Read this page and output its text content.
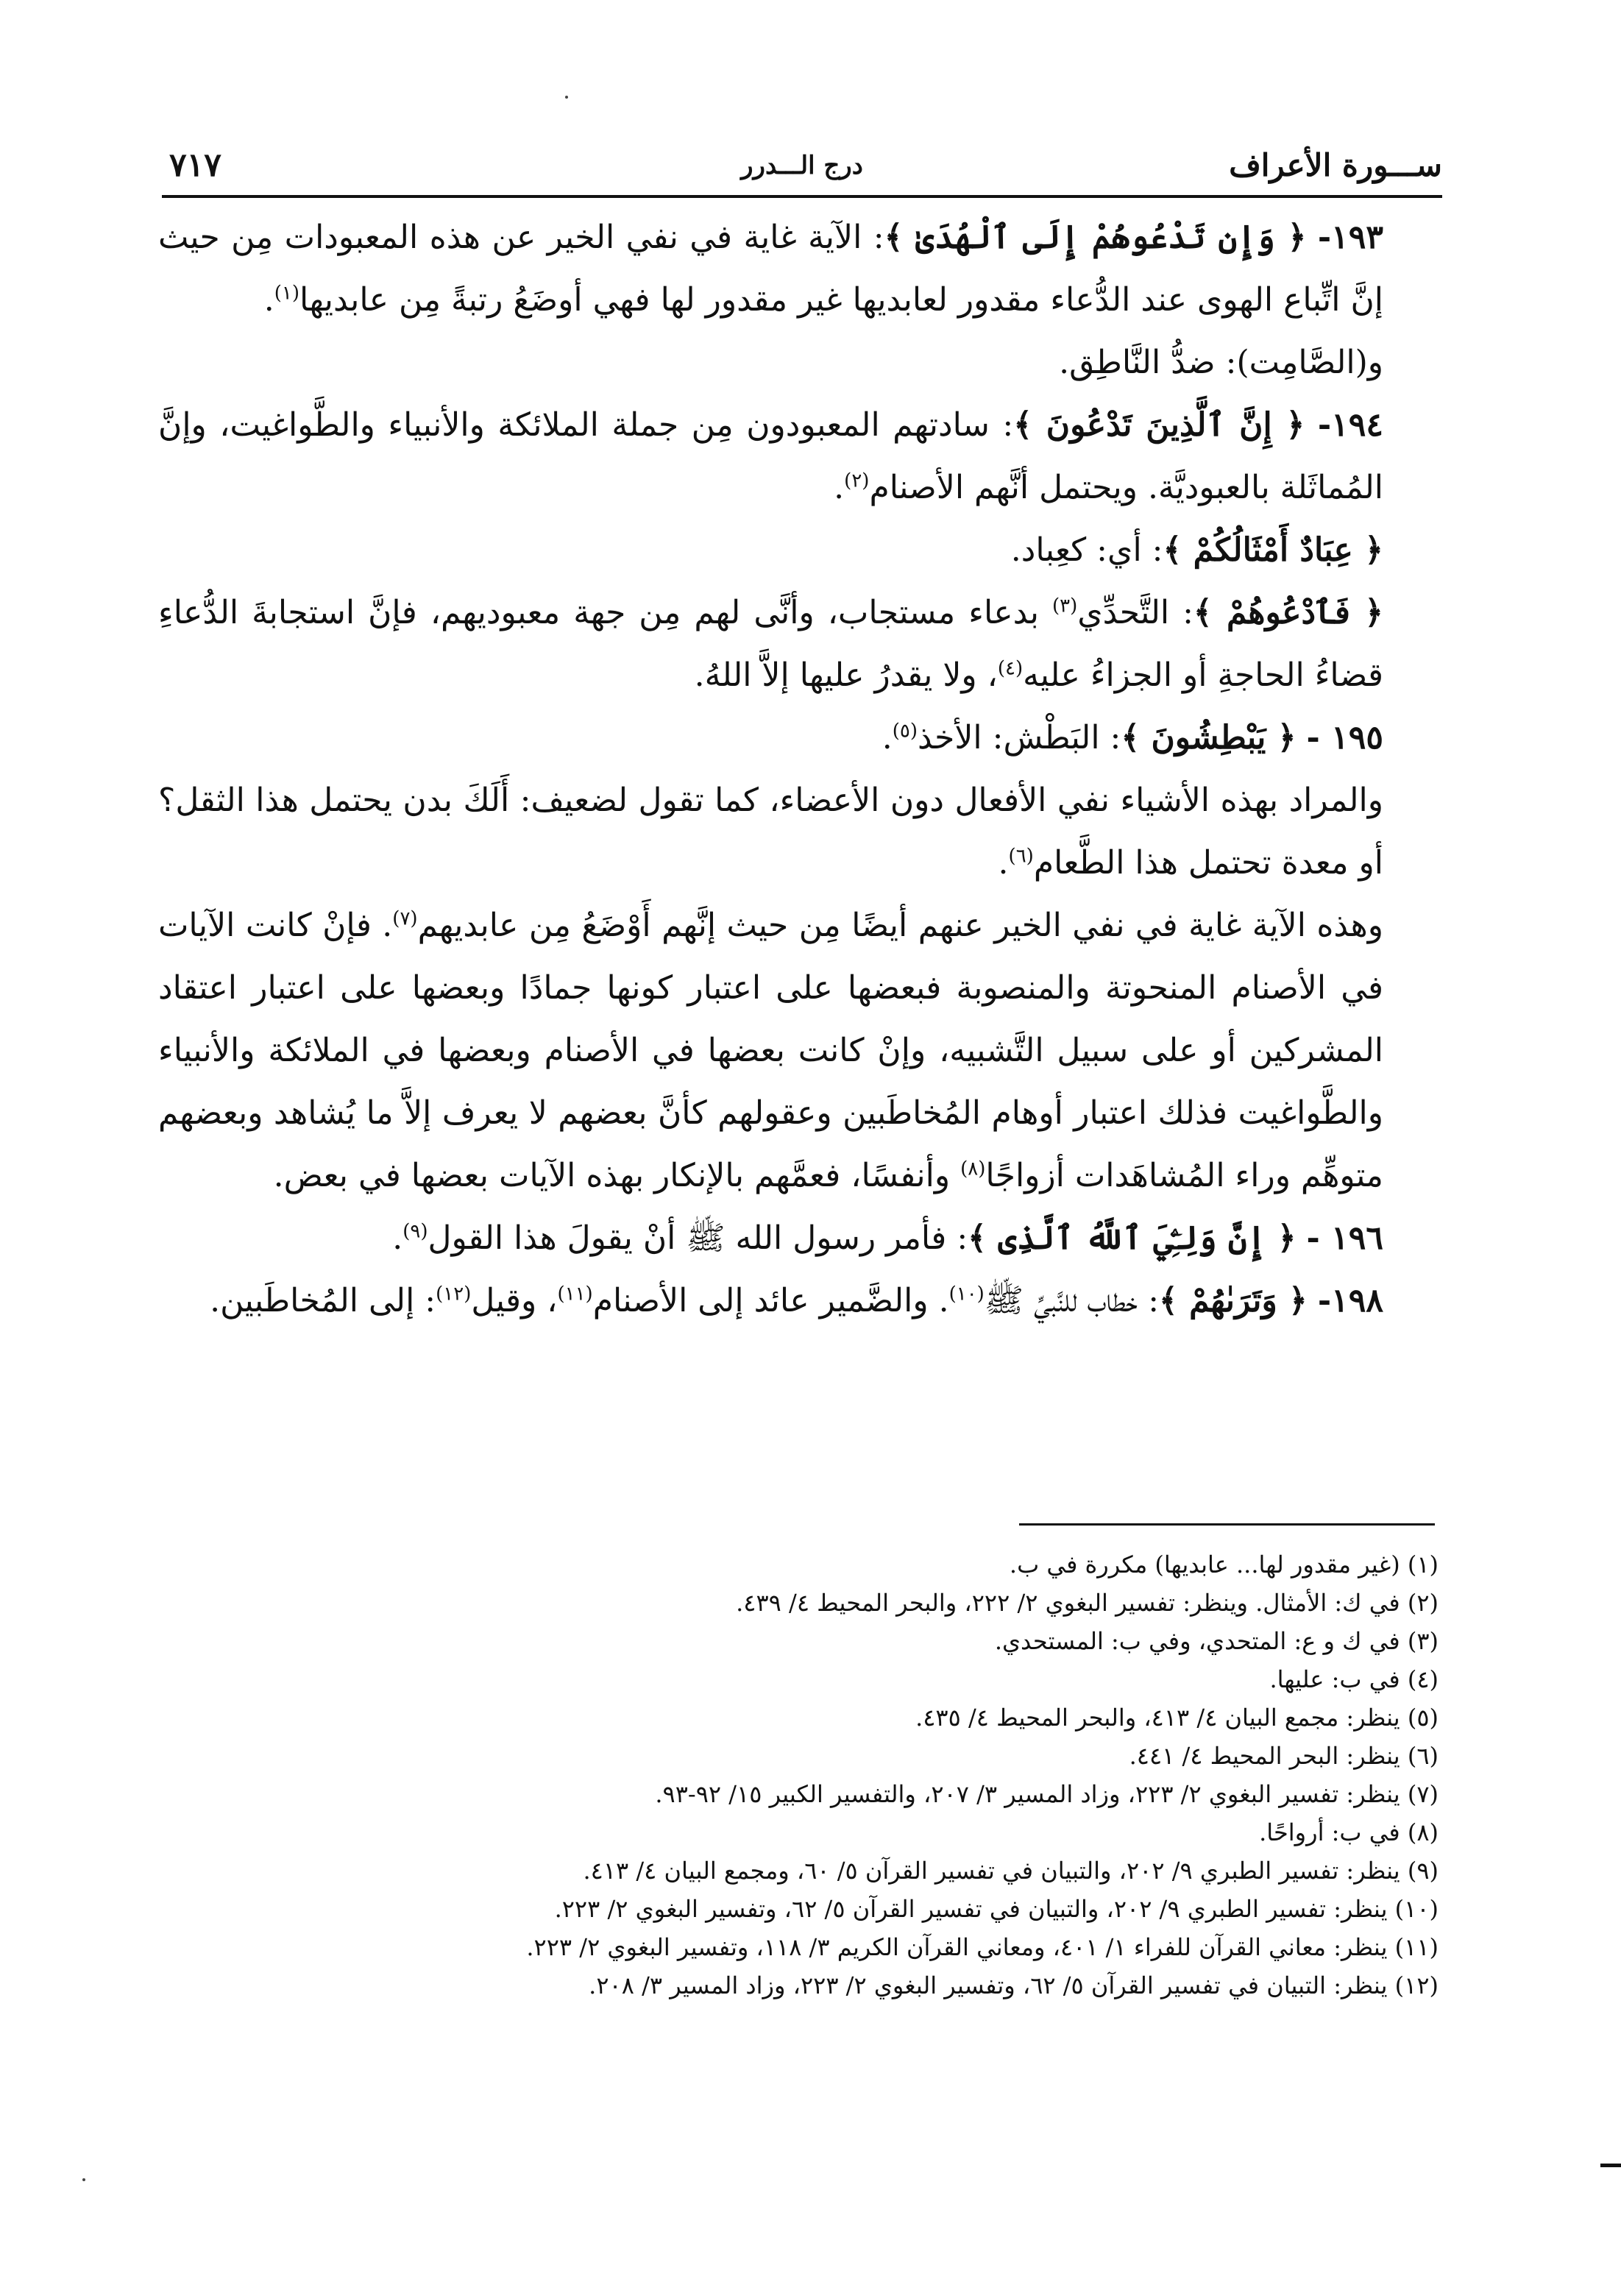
ســـورة الأعراف
درج الـــدرر
٧١٧

١٩٣- ﴿ وَإِن تَدْعُوهُمْ إِلَى ٱلْهُدَىٰ ﴾: الآية غاية في نفي الخير عن هذه المعبودات مِن حيث إنَّ اتِّباع الهوى عند الدُّعاء مقدور لعابديها غير مقدور لها فهي أوضَعُ رتبةً مِن عابديها$^{(١)}$.

و(الصَّامِت): ضدُّ النَّاطِق.

١٩٤- ﴿ إِنَّ ٱلَّذِينَ تَدْعُونَ ﴾: سادتهم المعبودون مِن جملة الملائكة والأنبياء والطَّواغيت، وإنَّ المُماثَلة بالعبوديَّة. ويحتمل أنَّهم الأصنام$^{(٢)}$.

﴿ عِبَادٌ أَمْثَالُكُمْ ﴾: أي: كعِباد.

﴿ فَٱدْعُوهُمْ ﴾: التَّحدِّي$^{(٣)}$ بدعاء مستجاب، وأنَّى لهم مِن جهة معبوديهم، فإنَّ استجابةَ الدُّعاءِ قضاءُ الحاجةِ أو الجزاءُ عليه$^{(٤)}$، ولا يقدرُ عليها إلاَّ اللهُ.

١٩٥ - ﴿ يَبْطِشُونَ ﴾: البَطْش: الأخذ$^{(٥)}$.

والمراد بهذه الأشياء نفي الأفعال دون الأعضاء، كما تقول لضعيف: أَلَكَ بدن يحتمل هذا الثقل؟ أو معدة تحتمل هذا الطَّعام$^{(٦)}$.

وهذه الآية غاية في نفي الخير عنهم أيضًا مِن حيث إنَّهم أَوْضَعُ مِن عابديهم$^{(٧)}$. فإنْ كانت الآيات في الأصنام المنحوتة والمنصوبة فبعضها على اعتبار كونها جمادًا وبعضها على اعتبار اعتقاد المشركين أو على سبيل التَّشبيه، وإنْ كانت بعضها في الأصنام وبعضها في الملائكة والأنبياء والطَّواغيت فذلك اعتبار أوهام المُخاطَبين وعقولهم كأنَّ بعضهم لا يعرف إلاَّ ما يُشاهد وبعضهم متوهِّم وراء المُشاهَدات أزواجًا$^{(٨)}$ وأنفسًا، فعمَّهم بالإنكار بهذه الآيات بعضها في بعض.

١٩٦ - ﴿ إِنَّ وَلِـِّۧيَ ٱللَّهُ ٱلَّذِى ﴾: فأمر رسول الله ﷺ أنْ يقولَ هذا القول$^{(٩)}$.

١٩٨- ﴿ وَتَرَىٰهُمْ ﴾: خطاب للنَّبيِّ ﷺ$^{(١٠)}$. والضَّمير عائد إلى الأصنام$^{(١١)}$، وقيل$^{(١٢)}$: إلى المُخاطَبين.

(١) (غير مقدور لها... عابديها) مكررة في ب.

(٢) في ك: الأمثال. وينظر: تفسير البغوي ٢/ ٢٢٢، والبحر المحيط ٤/ ٤٣٩.

(٣) في ك و ع: المتحدي، وفي ب: المستحدي.

(٤) في ب: عليها.

(٥) ينظر: مجمع البيان ٤/ ٤١٣، والبحر المحيط ٤/ ٤٣٥.

(٦) ينظر: البحر المحيط ٤/ ٤٤١.

(٧) ينظر: تفسير البغوي ٢/ ٢٢٣، وزاد المسير ٣/ ٢٠٧، والتفسير الكبير ١٥/ ٩٢-٩٣.

(٨) في ب: أرواحًا.

(٩) ينظر: تفسير الطبري ٩/ ٢٠٢، والتبيان في تفسير القرآن ٥/ ٦٠، ومجمع البيان ٤/ ٤١٣.

(١٠) ينظر: تفسير الطبري ٩/ ٢٠٢، والتبيان في تفسير القرآن ٥/ ٦٢، وتفسير البغوي ٢/ ٢٢٣.

(١١) ينظر: معاني القرآن للفراء ١/ ٤٠١، ومعاني القرآن الكريم ٣/ ١١٨، وتفسير البغوي ٢/ ٢٢٣.

(١٢) ينظر: التبيان في تفسير القرآن ٥/ ٦٢، وتفسير البغوي ٢/ ٢٢٣، وزاد المسير ٣/ ٢٠٨.
